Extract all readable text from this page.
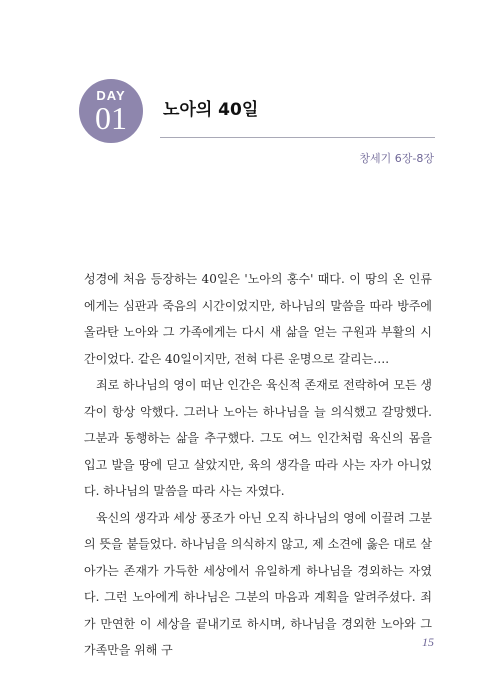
DAY
01	노아의 40일
창세기 6장-8장

성경에 처음 등장하는 40일은 '노아의 홍수' 때다. 이 땅의 온 인류에게는 심판과 죽음의 시간이었지만, 하나님의 말씀을 따라 방주에 올라탄 노아와 그 가족에게는 다시 새 삶을 얻는 구원과 부활의 시간이었다. 같은 40일이지만, 전혀 다른 운명으로 갈리는….

죄로 하나님의 영이 떠난 인간은 육신적 존재로 전락하여 모든 생각이 항상 악했다. 그러나 노아는 하나님을 늘 의식했고 갈망했다. 그분과 동행하는 삶을 추구했다. 그도 여느 인간처럼 육신의 몸을 입고 발을 땅에 딛고 살았지만, 육의 생각을 따라 사는 자가 아니었다. 하나님의 말씀을 따라 사는 자였다.

육신의 생각과 세상 풍조가 아닌 오직 하나님의 영에 이끌려 그분의 뜻을 붙들었다. 하나님을 의식하지 않고, 제 소견에 옳은 대로 살아가는 존재가 가득한 세상에서 유일하게 하나님을 경외하는 자였다. 그런 노아에게 하나님은 그분의 마음과 계획을 알려주셨다. 죄가 만연한 이 세상을 끝내기로 하시며, 하나님을 경외한 노아와 그 가족만을 위해 구

15
